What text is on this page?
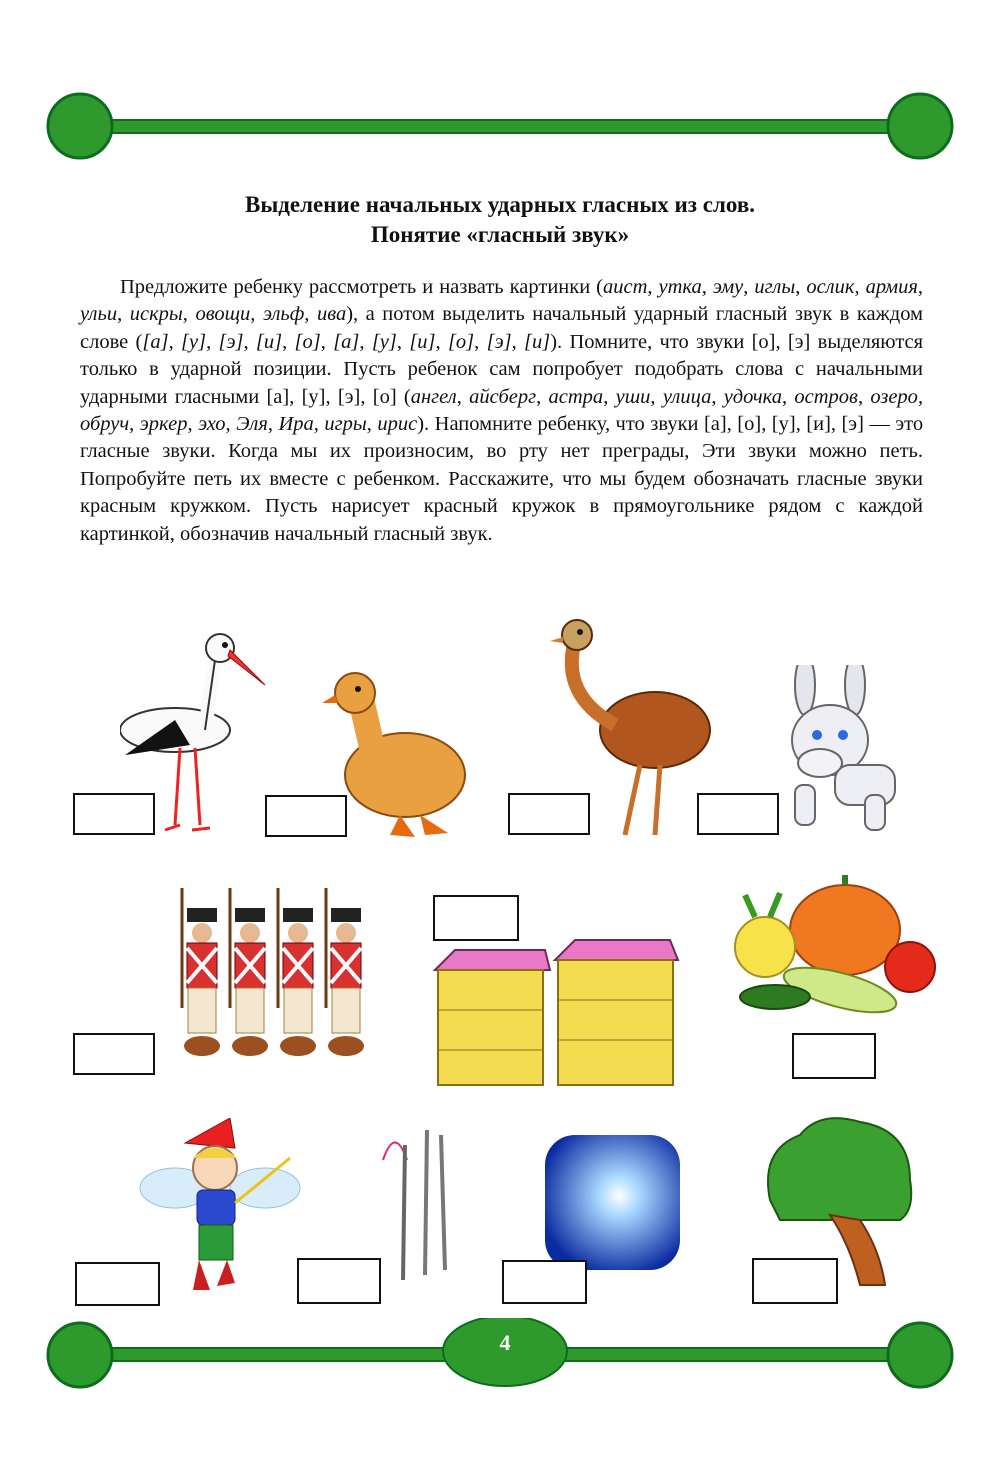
Выделение начальных ударных гласных из слов.
Понятие «гласный звук»
Предложите ребенку рассмотреть и назвать картинки (аист, утка, эму, иглы, ослик, армия, ульи, искры, овощи, эльф, ива), а потом выделить начальный ударный гласный звук в каждом слове ([а], [у], [э], [и], [о], [а], [у], [и], [о], [э], [и]). Помните, что звуки [о], [э] выделяются только в ударной позиции. Пусть ребенок сам попробует подобрать слова с начальными ударными гласными [а], [у], [э], [о] (ангел, айсберг, астра, уши, улица, удочка, остров, озеро, обруч, эркер, эхо, Эля, Ира, игры, ирис). Напомните ребенку, что звуки [а], [о], [у], [и], [э] — это гласные звуки. Когда мы их произносим, во рту нет преграды, Эти звуки можно петь. Попробуйте петь их вместе с ребенком. Расскажите, что мы будем обозначать гласные звуки красным кружком. Пусть нарисует красный кружок в прямоугольнике рядом с каждой картинкой, обозначив начальный гласный звук.
4
